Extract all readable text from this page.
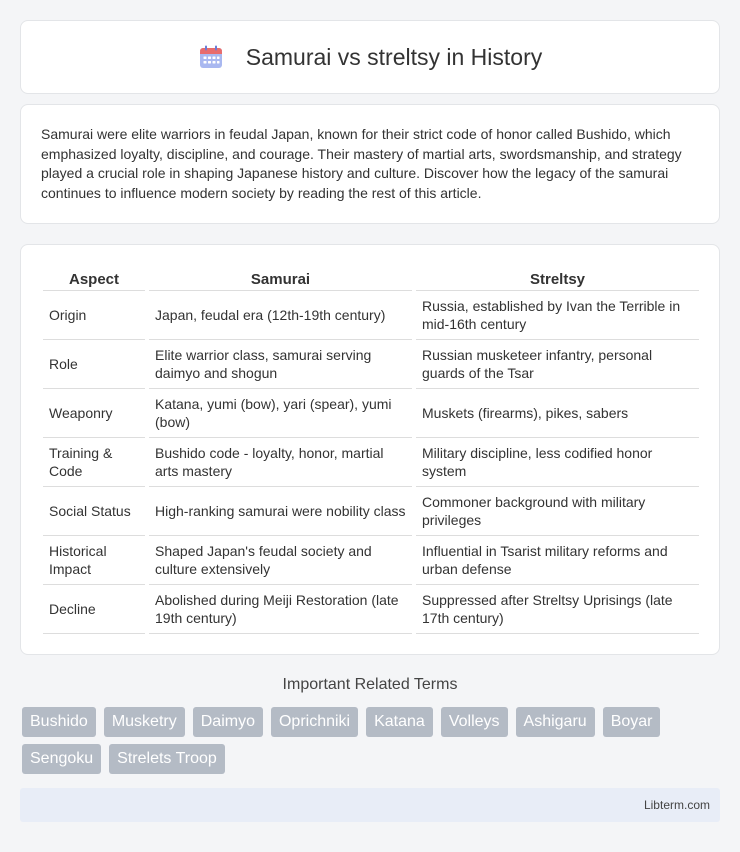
Samurai vs streltsy in History

Samurai were elite warriors in feudal Japan, known for their strict code of honor called Bushido, which emphasized loyalty, discipline, and courage. Their mastery of martial arts, swordsmanship, and strategy played a crucial role in shaping Japanese history and culture. Discover how the legacy of the samurai continues to influence modern society by reading the rest of this article.

Aspect	Samurai	Streltsy
Origin	Japan, feudal era (12th-19th century)	Russia, established by Ivan the Terrible in mid-16th century
Role	Elite warrior class, samurai serving daimyo and shogun	Russian musketeer infantry, personal guards of the Tsar
Weaponry	Katana, yumi (bow), yari (spear), yumi (bow)	Muskets (firearms), pikes, sabers
Training & Code	Bushido code - loyalty, honor, martial arts mastery	Military discipline, less codified honor system
Social Status	High-ranking samurai were nobility class	Commoner background with military privileges
Historical Impact	Shaped Japan's feudal society and culture extensively	Influential in Tsarist military reforms and urban defense
Decline	Abolished during Meiji Restoration (late 19th century)	Suppressed after Streltsy Uprisings (late 17th century)
Important Related Terms
Bushido	Musketry	Daimyo	Oprichniki	Katana	Volleys	Ashigaru	Boyar
Sengoku	Strelets Troop
Libterm.com
